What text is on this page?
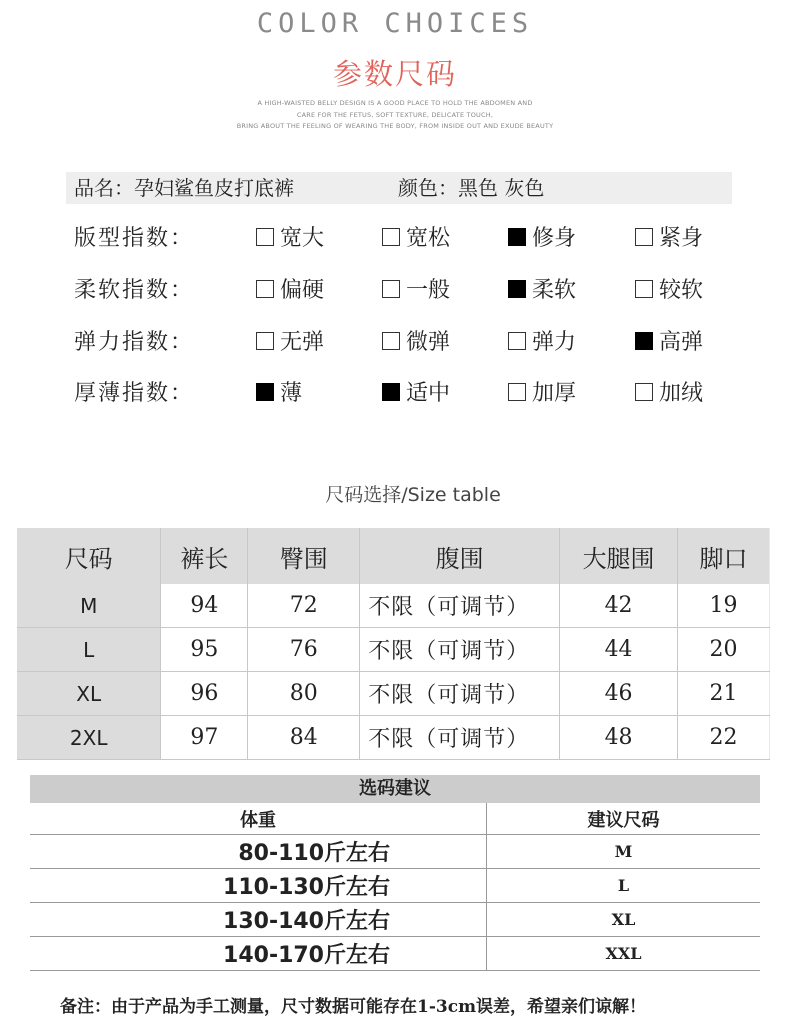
COLOR CHOICES
参数尺码
A HIGH-WAISTED BELLY DESIGN IS A GOOD PLACE TO HOLD THE ABDOMEN AND
CARE FOR THE FETUS, SOFT TEXTURE, DELICATE TOUCH,
BRING ABOUT THE FEELING OF WEARING THE BODY, FROM INSIDE OUT AND EXUDE BEAUTY
品名：孕妇鲨鱼皮打底裤	颜色：黑色 灰色
版型指数：	宽大	宽松	修身	紧身
柔软指数：	偏硬	一般	柔软	较软
弹力指数：	无弹	微弹	弹力	高弹
厚薄指数：	薄	适中	加厚	加绒
尺码选择/Size table
尺码	裤长	臀围	腹围	大腿围	脚口
M	94	72	不限（可调节）	42	19
L	95	76	不限（可调节）	44	20
XL	96	80	不限（可调节）	46	21
2XL	97	84	不限（可调节）	48	22
选码建议
体重	建议尺码
80-110斤左右	M
110-130斤左右	L
130-140斤左右	XL
140-170斤左右	XXL
备注：由于产品为手工测量，尺寸数据可能存在1-3cm误差，希望亲们谅解！
